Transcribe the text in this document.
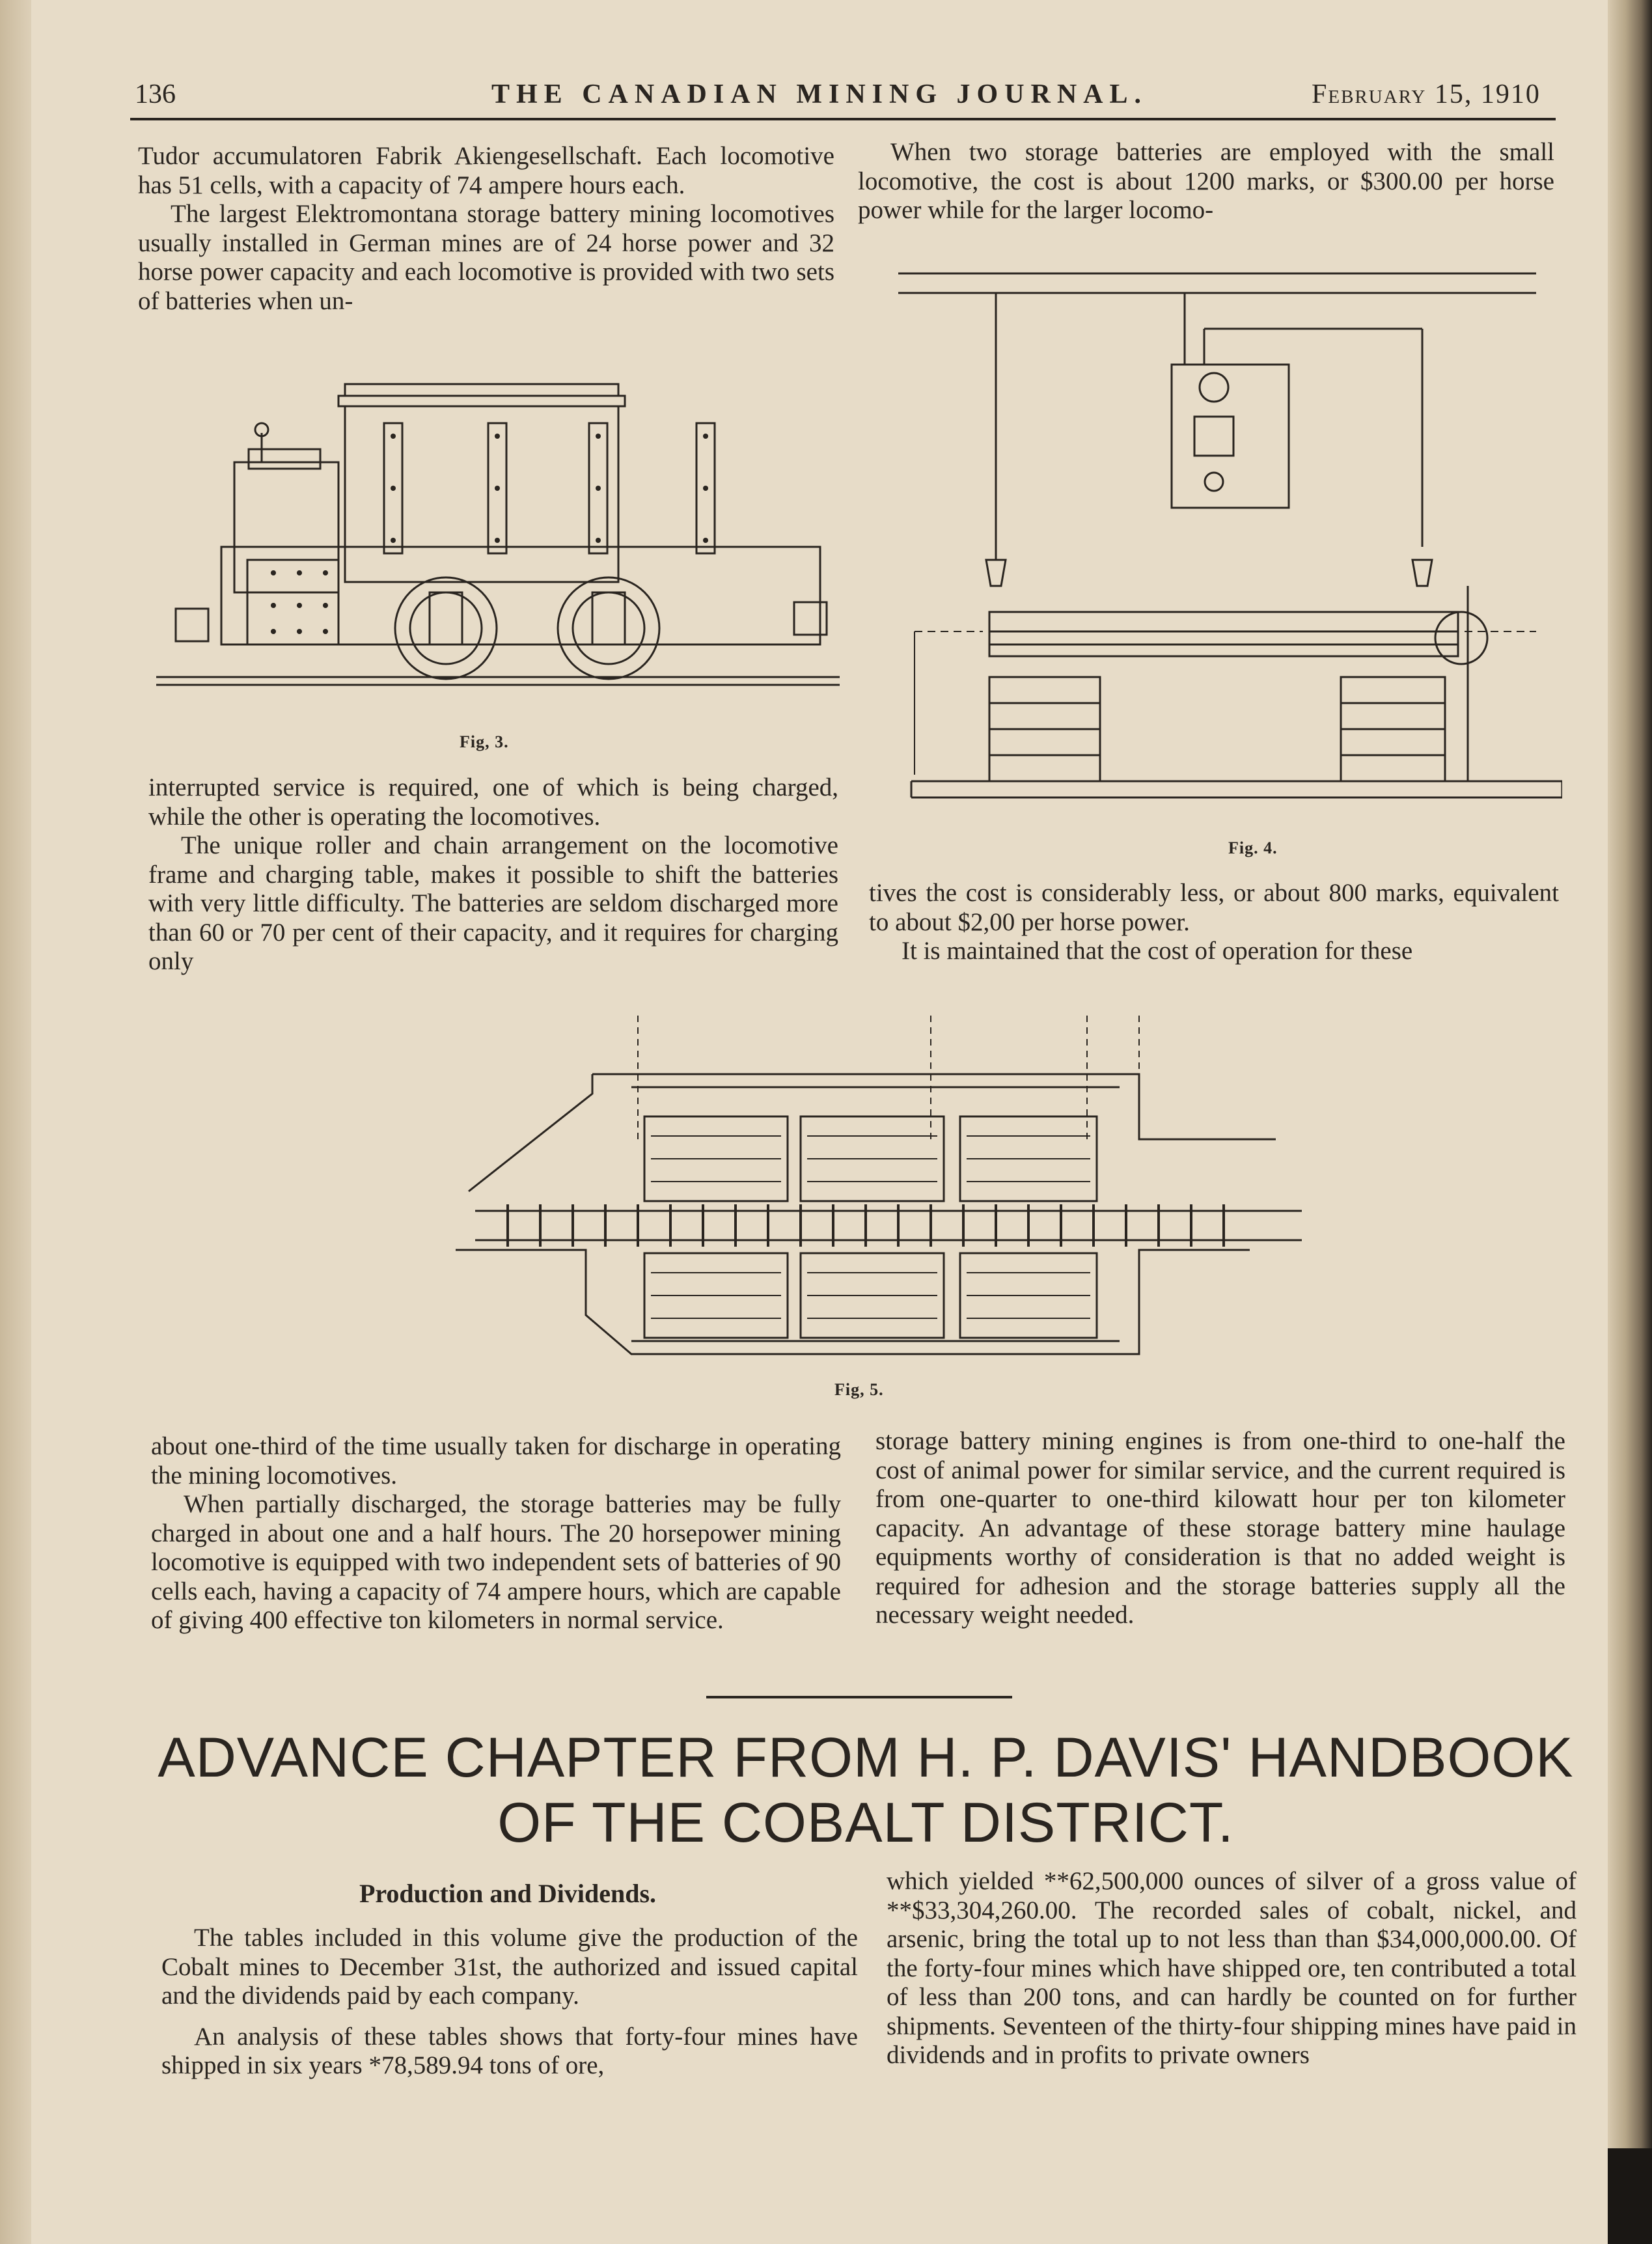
136	THE CANADIAN MINING JOURNAL.	February 15, 1910

Tudor accumulatoren Fabrik Akiengesellschaft. Each locomotive has 51 cells, with a capacity of 74 ampere hours each.

The largest Elektromontana storage battery mining locomotives usually installed in German mines are of 24 horse power and 32 horse power capacity and each locomotive is provided with two sets of batteries when un-

When two storage batteries are employed with the small locomotive, the cost is about 1200 marks, or $300.00 per horse power while for the larger locomo-

Fig, 3.
Fig. 4.

interrupted service is required, one of which is being charged, while the other is operating the locomotives.

The unique roller and chain arrangement on the locomotive frame and charging table, makes it possible to shift the batteries with very little difficulty. The batteries are seldom discharged more than 60 or 70 per cent of their capacity, and it requires for charging only

tives the cost is considerably less, or about 800 marks, equivalent to about $2,00 per horse power.

It is maintained that the cost of operation for these

Fig, 5.

about one-third of the time usually taken for discharge in operating the mining locomotives.

When partially discharged, the storage batteries may be fully charged in about one and a half hours. The 20 horsepower mining locomotive is equipped with two independent sets of batteries of 90 cells each, having a capacity of 74 ampere hours, which are capable of giving 400 effective ton kilometers in normal service.

storage battery mining engines is from one-third to one-half the cost of animal power for similar service, and the current required is from one-quarter to one-third kilowatt hour per ton kilometer capacity. An advantage of these storage battery mine haulage equipments worthy of consideration is that no added weight is required for adhesion and the storage batteries supply all the necessary weight needed.

ADVANCE CHAPTER FROM H. P. DAVIS' HANDBOOK
OF THE COBALT DISTRICT.
Production and Dividends.

The tables included in this volume give the production of the Cobalt mines to December 31st, the authorized and issued capital and the dividends paid by each company.

An analysis of these tables shows that forty-four mines have shipped in six years *78,589.94 tons of ore,

which yielded **62,500,000 ounces of silver of a gross value of **$33,304,260.00. The recorded sales of cobalt, nickel, and arsenic, bring the total up to not less than than $34,000,000.00. Of the forty-four mines which have shipped ore, ten contributed a total of less than 200 tons, and can hardly be counted on for further shipments. Seventeen of the thirty-four shipping mines have paid in dividends and in profits to private owners
